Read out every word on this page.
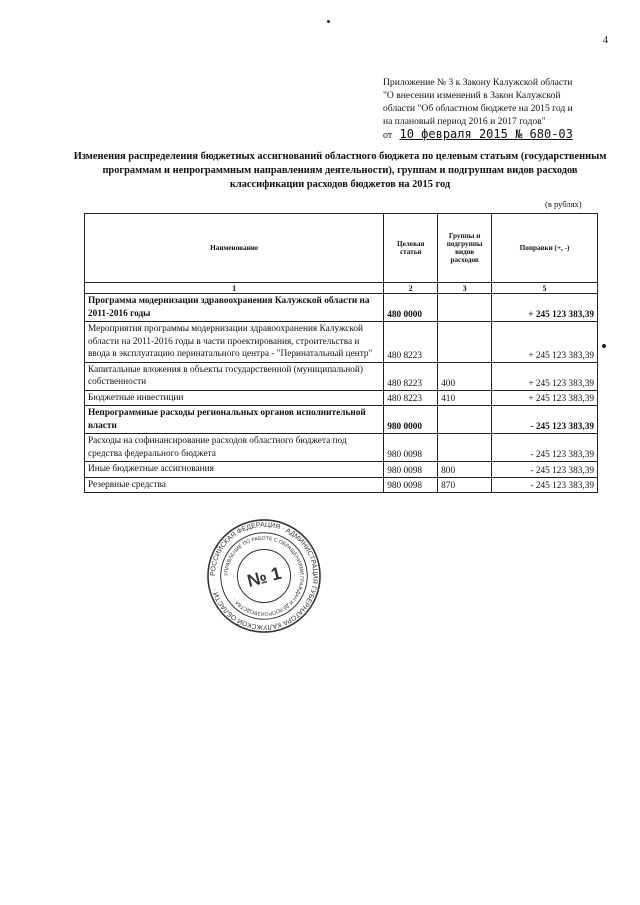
4
Приложение № 3 к Закону Калужской области
"О внесении изменений в Закон Калужской
области "Об областном бюджете на 2015 год и
на плановый период 2016 и 2017 годов"
от 10 февраля 2015 № 680-03
Изменения распределения бюджетных ассигнований областного бюджета по целевым статьям (государственным программам и непрограммным направлениям деятельности), группам и подгруппам видов расходов классификации расходов бюджетов на 2015 год
(в рублях)
Наименование	Целевая статья	Группы и подгруппы видов расходов	Поправки (+, -)
1	2	3	5
Программа модернизации здравоохранения Калужской области на 2011-2016 годы	480 0000		+ 245 123 383,39
Мероприятия программы модернизации здравоохранения Калужской области на 2011-2016 годы в части проектирования, строительства и ввода в эксплуатацию перинатального центра - "Перинатальный центр"	480 8223		+ 245 123 383,39
Капитальные вложения в объекты государственной (муниципальной) собственности	480 8223	400	+ 245 123 383,39
Бюджетные инвестиции	480 8223	410	+ 245 123 383,39
Непрограммные расходы региональных органов исполнительной власти	980 0000		- 245 123 383,39
Расходы на софинансирование расходов областного бюджета под средства федерального бюджета	980 0098		- 245 123 383,39
Иные бюджетные ассигнования	980 0098	800	- 245 123 383,39
Резервные средства	980 0098	870	- 245 123 383,39
РОССИЙСКАЯ ФЕДЕРАЦИЯ · АДМИНИСТРАЦИЯ ГУБЕРНАТОРА КАЛУЖСКОЙ ОБЛАСТИ ·
УПРАВЛЕНИЕ ПО РАБОТЕ С ОБРАЩЕНИЯМИ ГРАЖДАН И ДЕЛОПРОИЗВОДСТВА ·
№ 1
